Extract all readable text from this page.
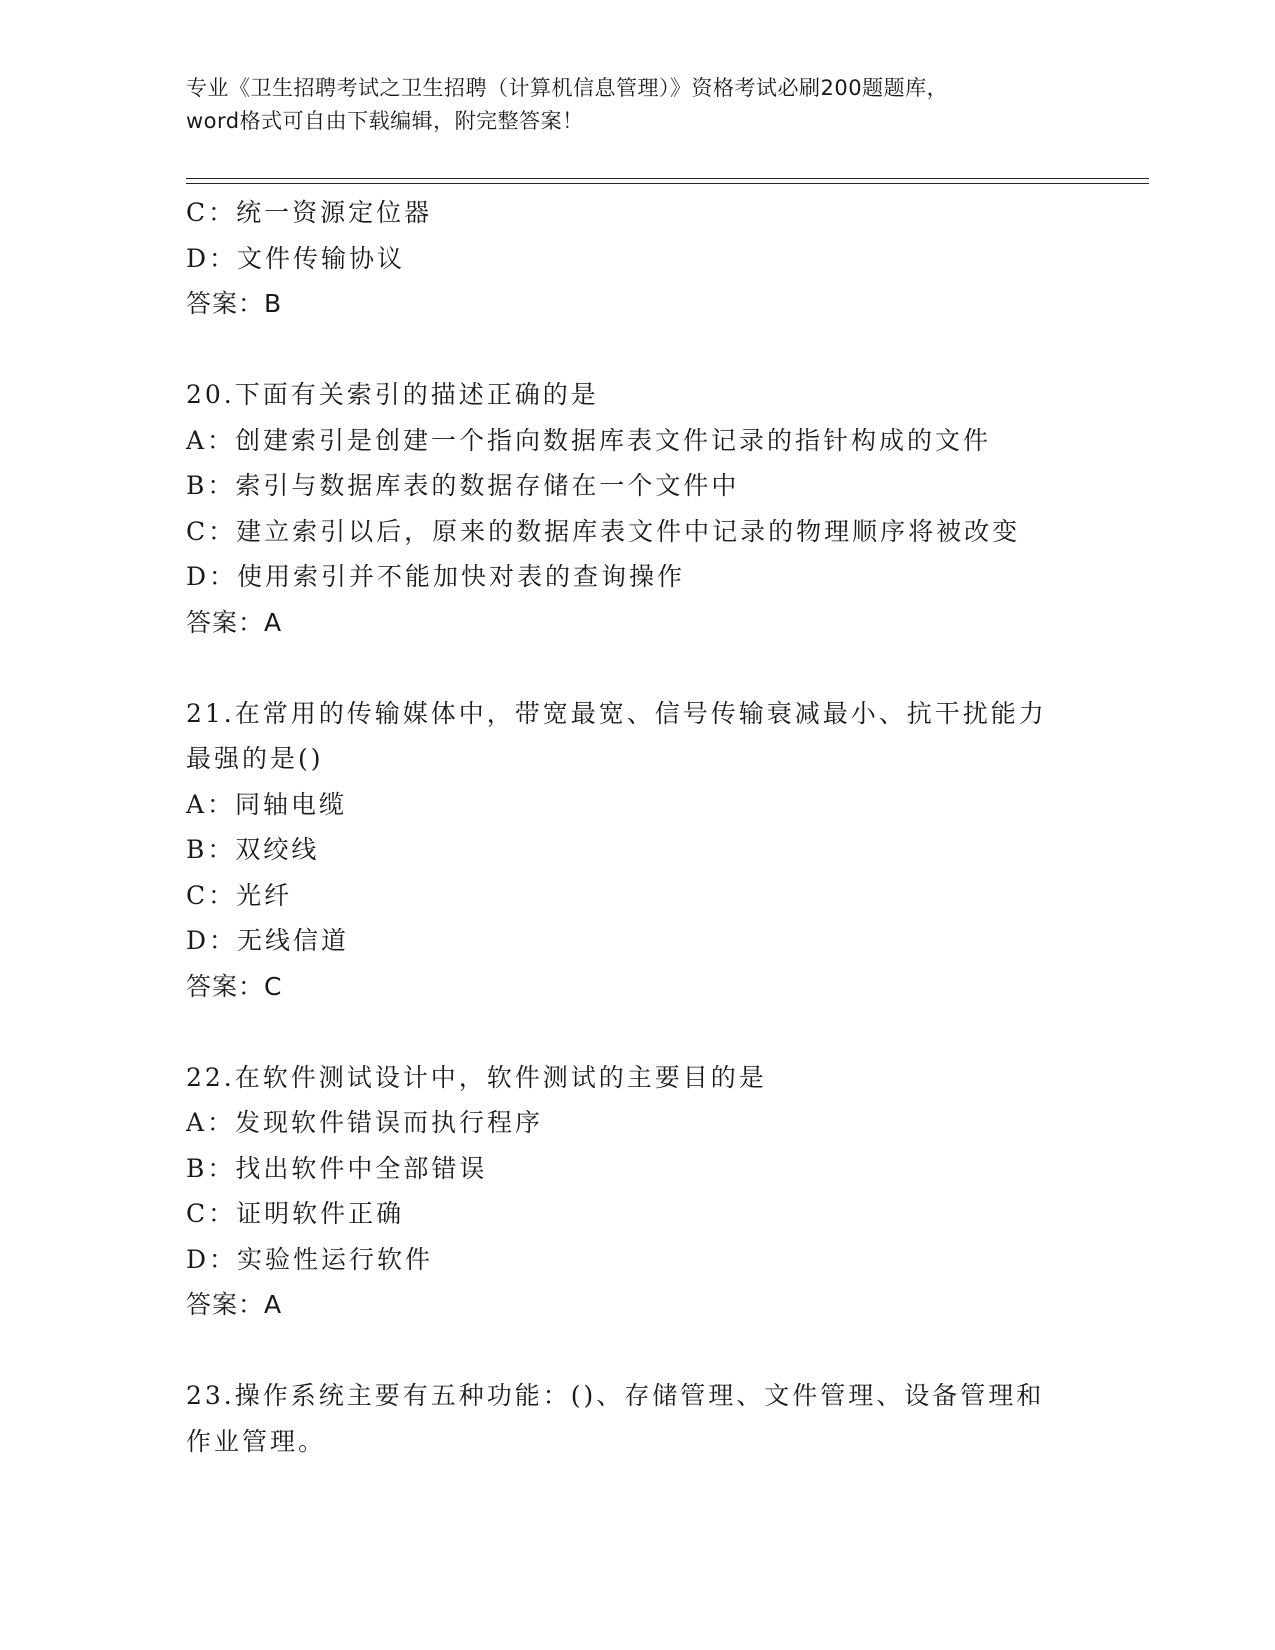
专业《卫生招聘考试之卫生招聘（计算机信息管理）》资格考试必刷200题题库，
word格式可自由下载编辑，附完整答案！
C：统一资源定位器
D：文件传输协议
答案：B
20.下面有关索引的描述正确的是
A：创建索引是创建一个指向数据库表文件记录的指针构成的文件
B：索引与数据库表的数据存储在一个文件中
C：建立索引以后，原来的数据库表文件中记录的物理顺序将被改变
D：使用索引并不能加快对表的查询操作
答案：A
21.在常用的传输媒体中，带宽最宽、信号传输衰减最小、抗干扰能力
最强的是()
A：同轴电缆
B：双绞线
C：光纤
D：无线信道
答案：C
22.在软件测试设计中，软件测试的主要目的是
A：发现软件错误而执行程序
B：找出软件中全部错误
C：证明软件正确
D：实验性运行软件
答案：A
23.操作系统主要有五种功能：()、存储管理、文件管理、设备管理和
作业管理。
